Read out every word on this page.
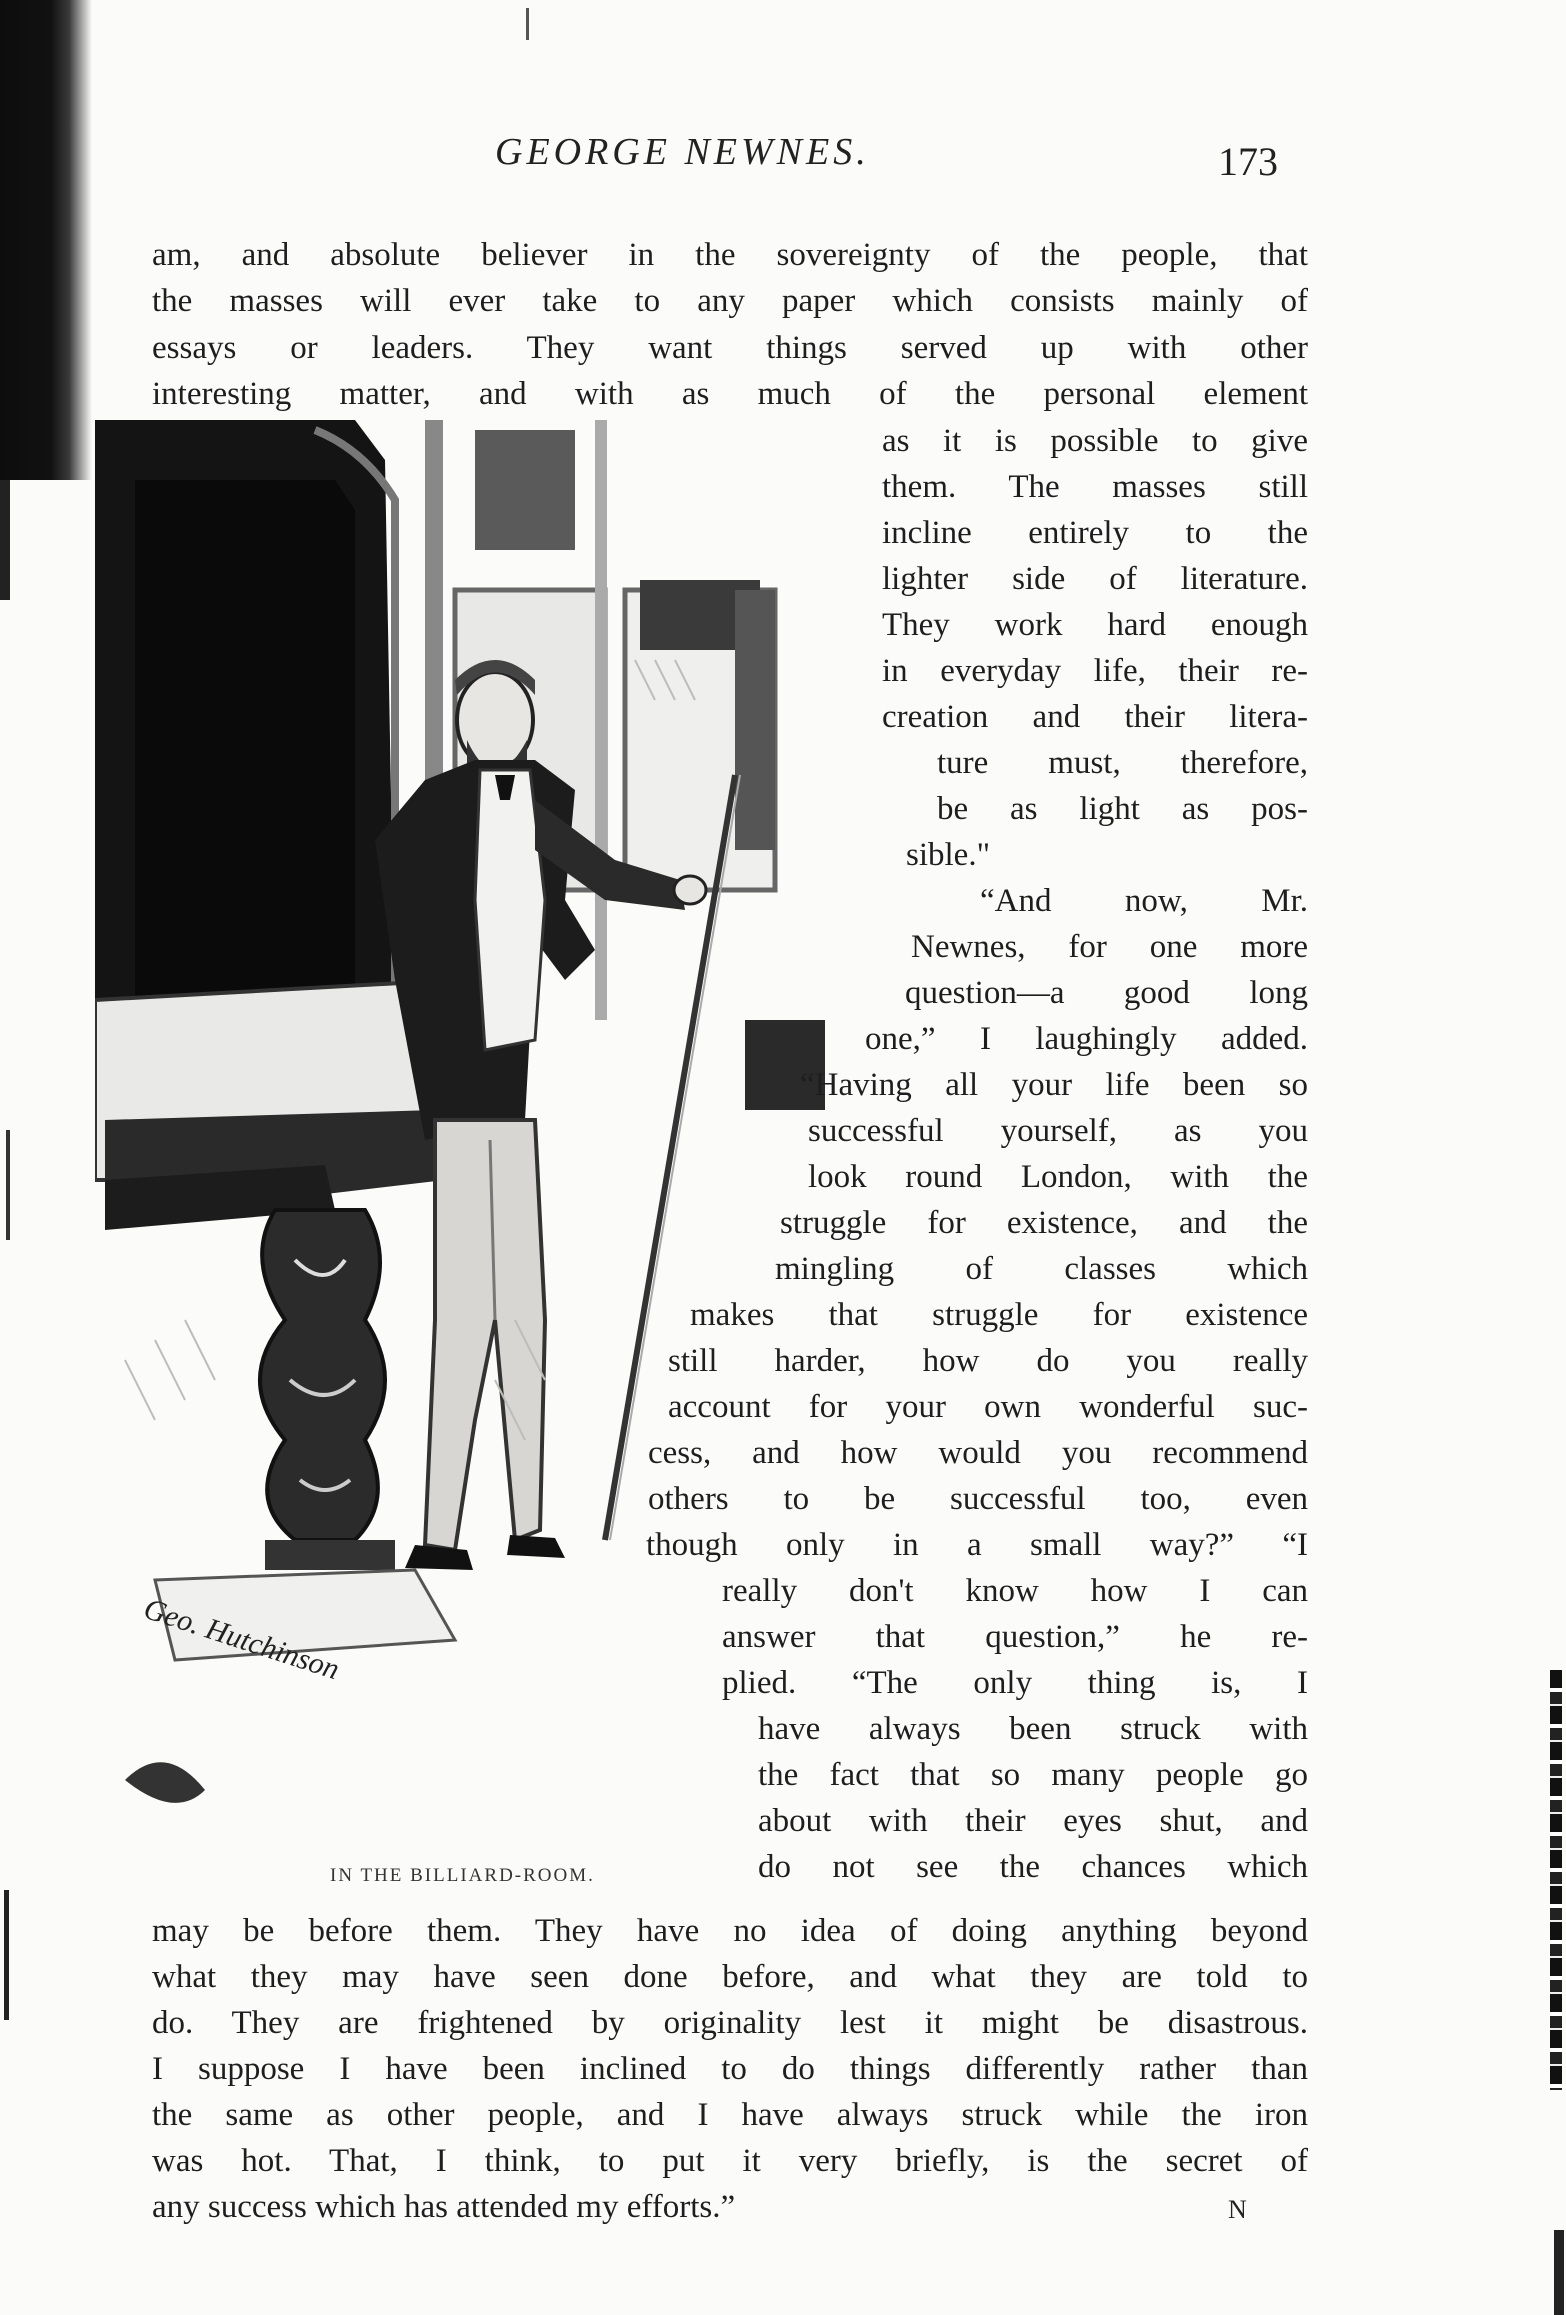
GEORGE NEWNES.	173
am, and absolute believer in the sovereignty of the people, that
the masses will ever take to any paper which consists mainly of
essays or leaders. They want things served up with other
interesting matter, and with as much of the personal element
Geo. Hutchinson
IN THE BILLIARD-ROOM.
as it is possible to give
them. The masses still
incline entirely to the
lighter side of literature.
They work hard enough
in everyday life, their re-
creation and their litera-
ture must, therefore,
be as light as pos-
sible."
“And now, Mr.
Newnes, for one more
question—a good long
one,” I laughingly added.
“Having all your life been so
successful yourself, as you
look round London, with the
struggle for existence, and the
mingling of classes which
makes that struggle for existence
still harder, how do you really
account for your own wonderful suc-
cess, and how would you recommend
others to be successful too, even
though only in a small way?” “I
really don't know how I can
answer that question,” he re-
plied. “The only thing is, I
have always been struck with
the fact that so many people go
about with their eyes shut, and
do not see the chances which
may be before them. They have no idea of doing anything beyond
what they may have seen done before, and what they are told to
do. They are frightened by originality lest it might be disastrous.
I suppose I have been inclined to do things differently rather than
the same as other people, and I have always struck while the iron
was hot. That, I think, to put it very briefly, is the secret of
any success which has attended my efforts.”	N
